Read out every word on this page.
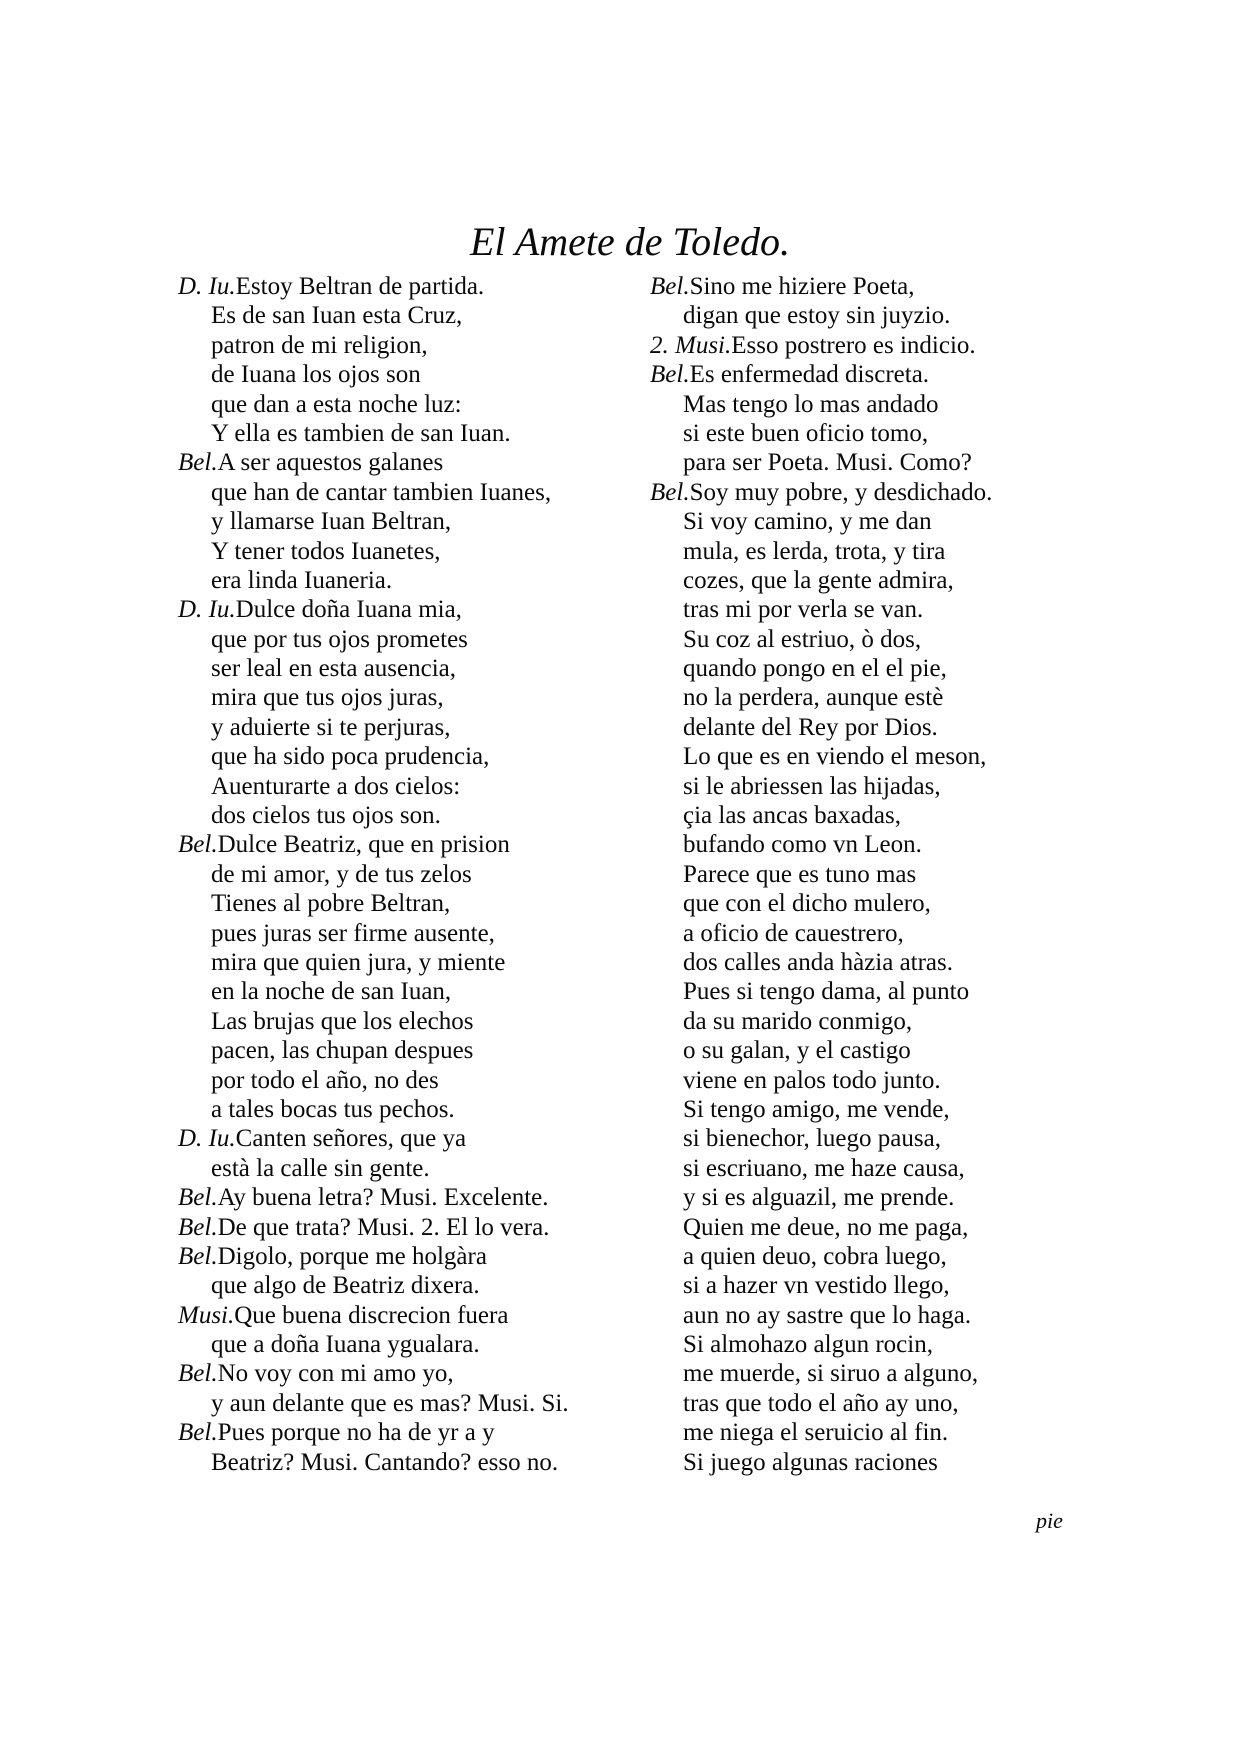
El Amete de Toledo.
D. Iu.Estoy Beltran de partida.
Es de san Iuan esta Cruz,
patron de mi religion,
de Iuana los ojos son
que dan a esta noche luz:
Y ella es tambien de san Iuan.
Bel.A ser aquestos galanes
que han de cantar tambien Iuanes,
y llamarse Iuan Beltran,
Y tener todos Iuanetes,
era linda Iuaneria.
D. Iu.Dulce doña Iuana mia,
que por tus ojos prometes
ser leal en esta ausencia,
mira que tus ojos juras,
y aduierte si te perjuras,
que ha sido poca prudencia,
Auenturarte a dos cielos:
dos cielos tus ojos son.
Bel.Dulce Beatriz, que en prision
de mi amor, y de tus zelos
Tienes al pobre Beltran,
pues juras ser firme ausente,
mira que quien jura, y miente
en la noche de san Iuan,
Las brujas que los elechos
pacen, las chupan despues
por todo el año, no des
a tales bocas tus pechos.
D. Iu.Canten señores, que ya
està la calle sin gente.
Bel.Ay buena letra? Musi. Excelente.
Bel.De que trata? Musi. 2. El lo vera.
Bel.Digolo, porque me holgàra
que algo de Beatriz dixera.
Musi.Que buena discrecion fuera
que a doña Iuana ygualara.
Bel.No voy con mi amo yo,
y aun delante que es mas? Musi. Si.
Bel.Pues porque no ha de yr a y
Beatriz? Musi. Cantando? esso no.
Bel.Sino me hiziere Poeta,
digan que estoy sin juyzio.
2. Musi.Esso postrero es indicio.
Bel.Es enfermedad discreta.
Mas tengo lo mas andado
si este buen oficio tomo,
para ser Poeta. Musi. Como?
Bel.Soy muy pobre, y desdichado.
Si voy camino, y me dan
mula, es lerda, trota, y tira
cozes, que la gente admira,
tras mi por verla se van.
Su coz al estriuo, ò dos,
quando pongo en el el pie,
no la perdera, aunque estè
delante del Rey por Dios.
Lo que es en viendo el meson,
si le abriessen las hijadas,
çia las ancas baxadas,
bufando como vn Leon.
Parece que es tuno mas
que con el dicho mulero,
a oficio de cauestrero,
dos calles anda hàzia atras.
Pues si tengo dama, al punto
da su marido conmigo,
o su galan, y el castigo
viene en palos todo junto.
Si tengo amigo, me vende,
si bienechor, luego pausa,
si escriuano, me haze causa,
y si es alguazil, me prende.
Quien me deue, no me paga,
a quien deuo, cobra luego,
si a hazer vn vestido llego,
aun no ay sastre que lo haga.
Si almohazo algun rocin,
me muerde, si siruo a alguno,
tras que todo el año ay uno,
me niega el seruicio al fin.
Si juego algunas raciones
pie
